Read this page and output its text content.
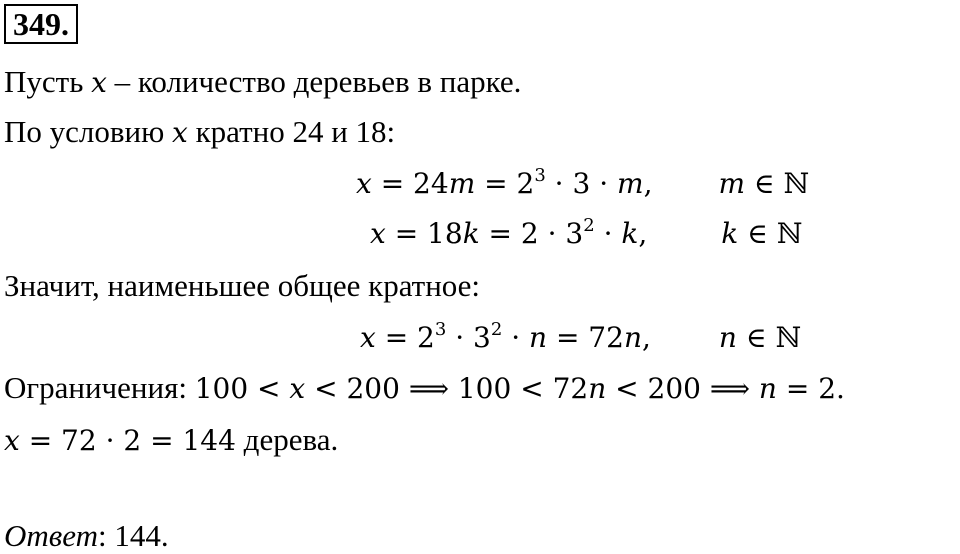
349.
Пусть x – количество деревьев в парке.
По условию x кратно 24 и 18:
$x = 24m = 2^3 \cdot 3 \cdot m$, m ∈ ℕ
$x = 18k = 2 \cdot 3^2 \cdot k$,	k ∈ ℕ
Значит, наименьшее общее кратное:
$x = 2^3 \cdot 3^2 \cdot n = 72n$, n ∈ ℕ
Ограничения: 100 < x < 200 ⟹ 100 < 72n < 200 ⟹ n = 2.
x = 72 · 2 = 144 дерева.
Ответ: 144.
